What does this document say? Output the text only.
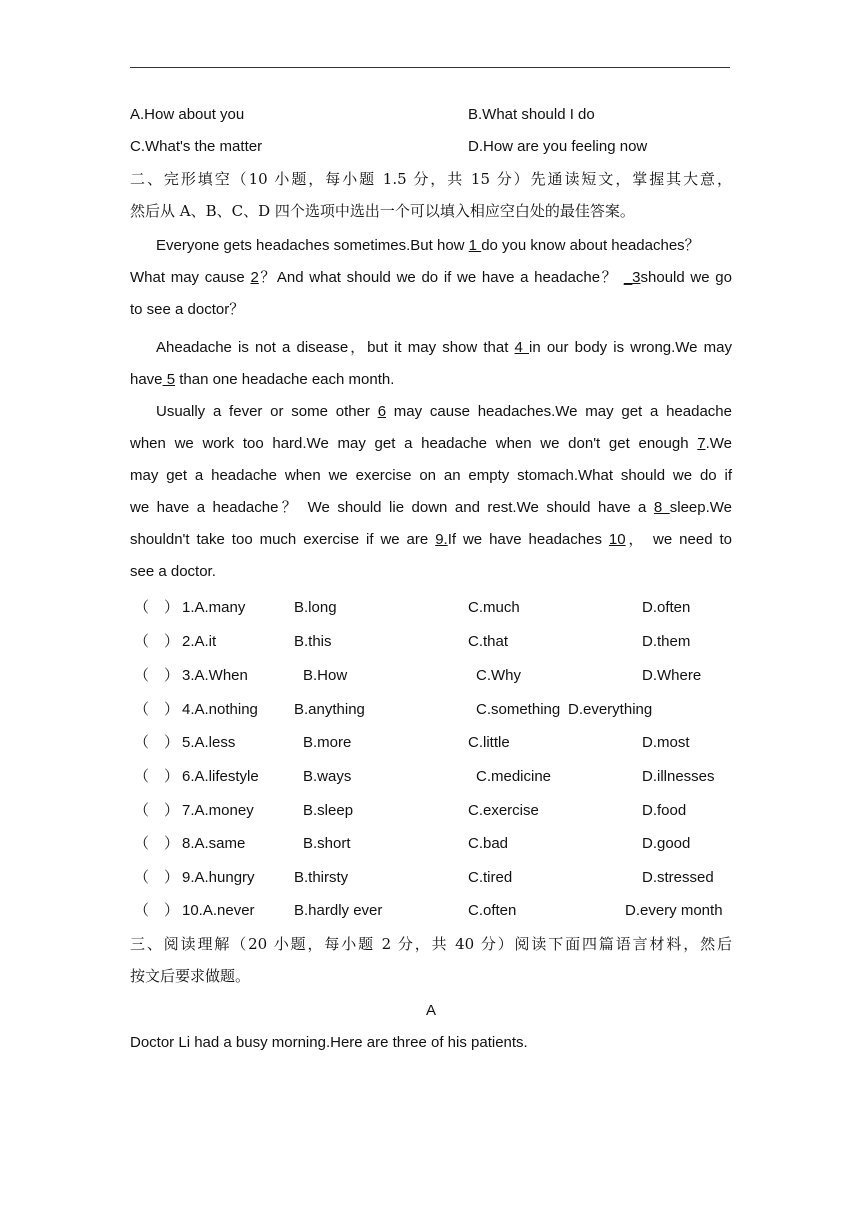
A.How about you	B.What should I do
C.What's the matter	D.How are you feeling now
二、完形填空（10 小题，每小题 1.5 分，共 15 分）先通读短文，掌握其大意，
然后从 A、B、C、D 四个选项中选出一个可以填入相应空白处的最佳答案。
Everyone gets headaches sometimes.But how 1 do you know about headaches？
What may cause 2？And what should we do if we have a headache？ _3should we go
to see a doctor？
Aheadache is not a disease，but it may show that 4 in our body is wrong.We may
have 5 than one headache each month.
Usually a fever or some other 6 may cause headaches.We may get a headache
when we work too hard.We may get a headache when we don't get enough 7.We
may get a headache when we exercise on an empty stomach.What should we do if
we have a headache？ We should lie down and rest.We should have a 8 sleep.We
shouldn't take too much exercise if we are 9.If we have headaches 10， we need to
see a doctor.
（　） 1.A.many	B.long	C.much	D.often
（　） 2.A.it	B.this	C.that	D.them
（　） 3.A.When	B.How	C.Why	D.Where
（　） 4.A.nothing B.anything	C.something D.everything
（　） 5.A.less	B.more	C.little	D.most
（　） 6.A.lifestyle	B.ways	C.medicine	D.illnesses
（　） 7.A.money	B.sleep	C.exercise	D.food
（　） 8.A.same	B.short	C.bad	D.good
（　） 9.A.hungry	B.thirsty	C.tired	D.stressed
（　） 10.A.never	B.hardly ever	C.often	D.every month
三、阅读理解（20 小题，每小题 2 分，共 40 分）阅读下面四篇语言材料，然后
按文后要求做题。
A
Doctor Li had a busy morning.Here are three of his patients.
